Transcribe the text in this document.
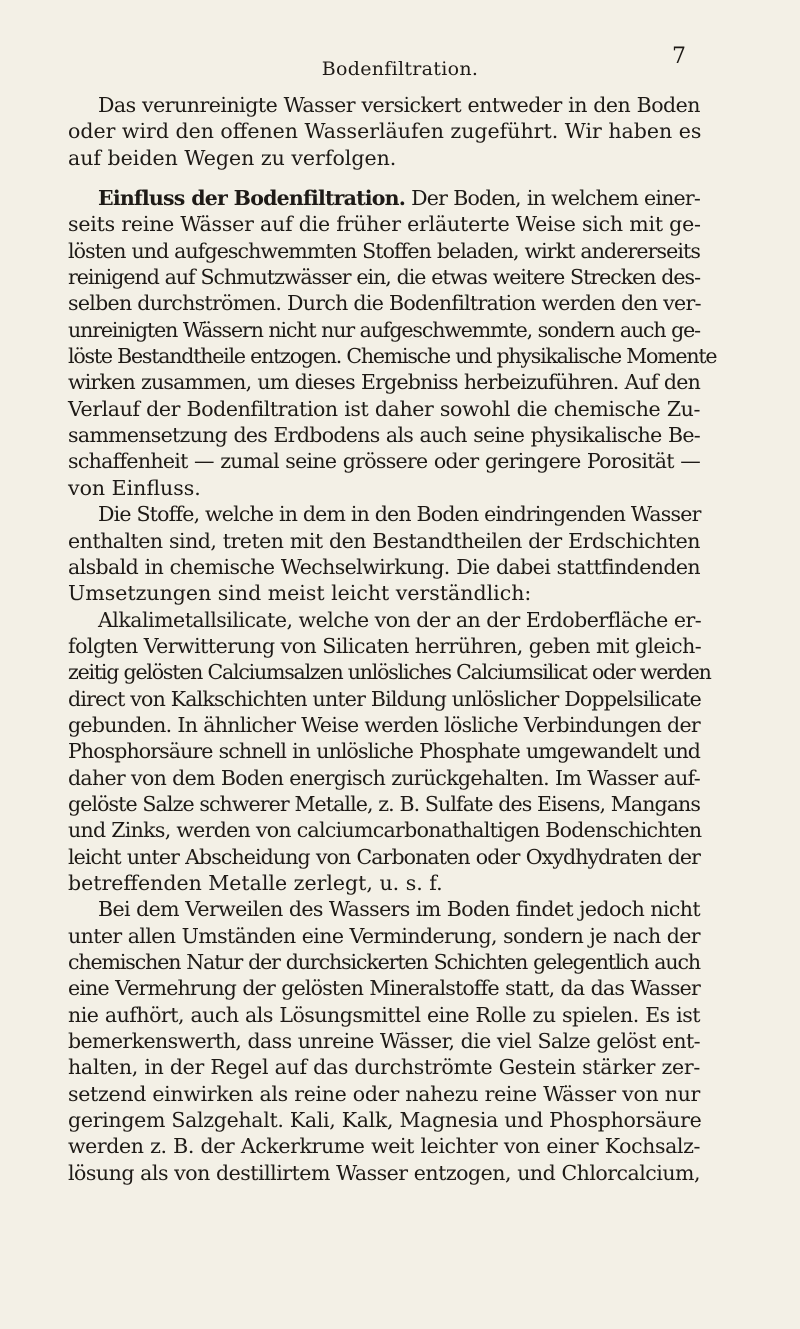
Bodenfiltration.	7
Das verunreinigte Wasser versickert entweder in den Boden
oder wird den offenen Wasserläufen zugeführt. Wir haben es
auf beiden Wegen zu verfolgen.
Einfluss der Bodenfiltration. Der Boden, in welchem einer-
seits reine Wässer auf die früher erläuterte Weise sich mit ge-
lösten und aufgeschwemmten Stoffen beladen, wirkt andererseits
reinigend auf Schmutzwässer ein, die etwas weitere Strecken des-
selben durchströmen. Durch die Bodenfiltration werden den ver-
unreinigten Wässern nicht nur aufgeschwemmte, sondern auch ge-
löste Bestandtheile entzogen. Chemische und physikalische Momente
wirken zusammen, um dieses Ergebniss herbeizuführen. Auf den
Verlauf der Bodenfiltration ist daher sowohl die chemische Zu-
sammensetzung des Erdbodens als auch seine physikalische Be-
schaffenheit — zumal seine grössere oder geringere Porosität —
von Einfluss.
Die Stoffe, welche in dem in den Boden eindringenden Wasser
enthalten sind, treten mit den Bestandtheilen der Erdschichten
alsbald in chemische Wechselwirkung. Die dabei stattfindenden
Umsetzungen sind meist leicht verständlich:
Alkalimetallsilicate, welche von der an der Erdoberfläche er-
folgten Verwitterung von Silicaten herrühren, geben mit gleich-
zeitig gelösten Calciumsalzen unlösliches Calciumsilicat oder werden
direct von Kalkschichten unter Bildung unlöslicher Doppelsilicate
gebunden. In ähnlicher Weise werden lösliche Verbindungen der
Phosphorsäure schnell in unlösliche Phosphate umgewandelt und
daher von dem Boden energisch zurückgehalten. Im Wasser auf-
gelöste Salze schwerer Metalle, z. B. Sulfate des Eisens, Mangans
und Zinks, werden von calciumcarbonathaltigen Bodenschichten
leicht unter Abscheidung von Carbonaten oder Oxydhydraten der
betreffenden Metalle zerlegt, u. s. f.
Bei dem Verweilen des Wassers im Boden findet jedoch nicht
unter allen Umständen eine Verminderung, sondern je nach der
chemischen Natur der durchsickerten Schichten gelegentlich auch
eine Vermehrung der gelösten Mineralstoffe statt, da das Wasser
nie aufhört, auch als Lösungsmittel eine Rolle zu spielen. Es ist
bemerkenswerth, dass unreine Wässer, die viel Salze gelöst ent-
halten, in der Regel auf das durchströmte Gestein stärker zer-
setzend einwirken als reine oder nahezu reine Wässer von nur
geringem Salzgehalt. Kali, Kalk, Magnesia und Phosphorsäure
werden z. B. der Ackerkrume weit leichter von einer Kochsalz-
lösung als von destillirtem Wasser entzogen, und Chlorcalcium,
